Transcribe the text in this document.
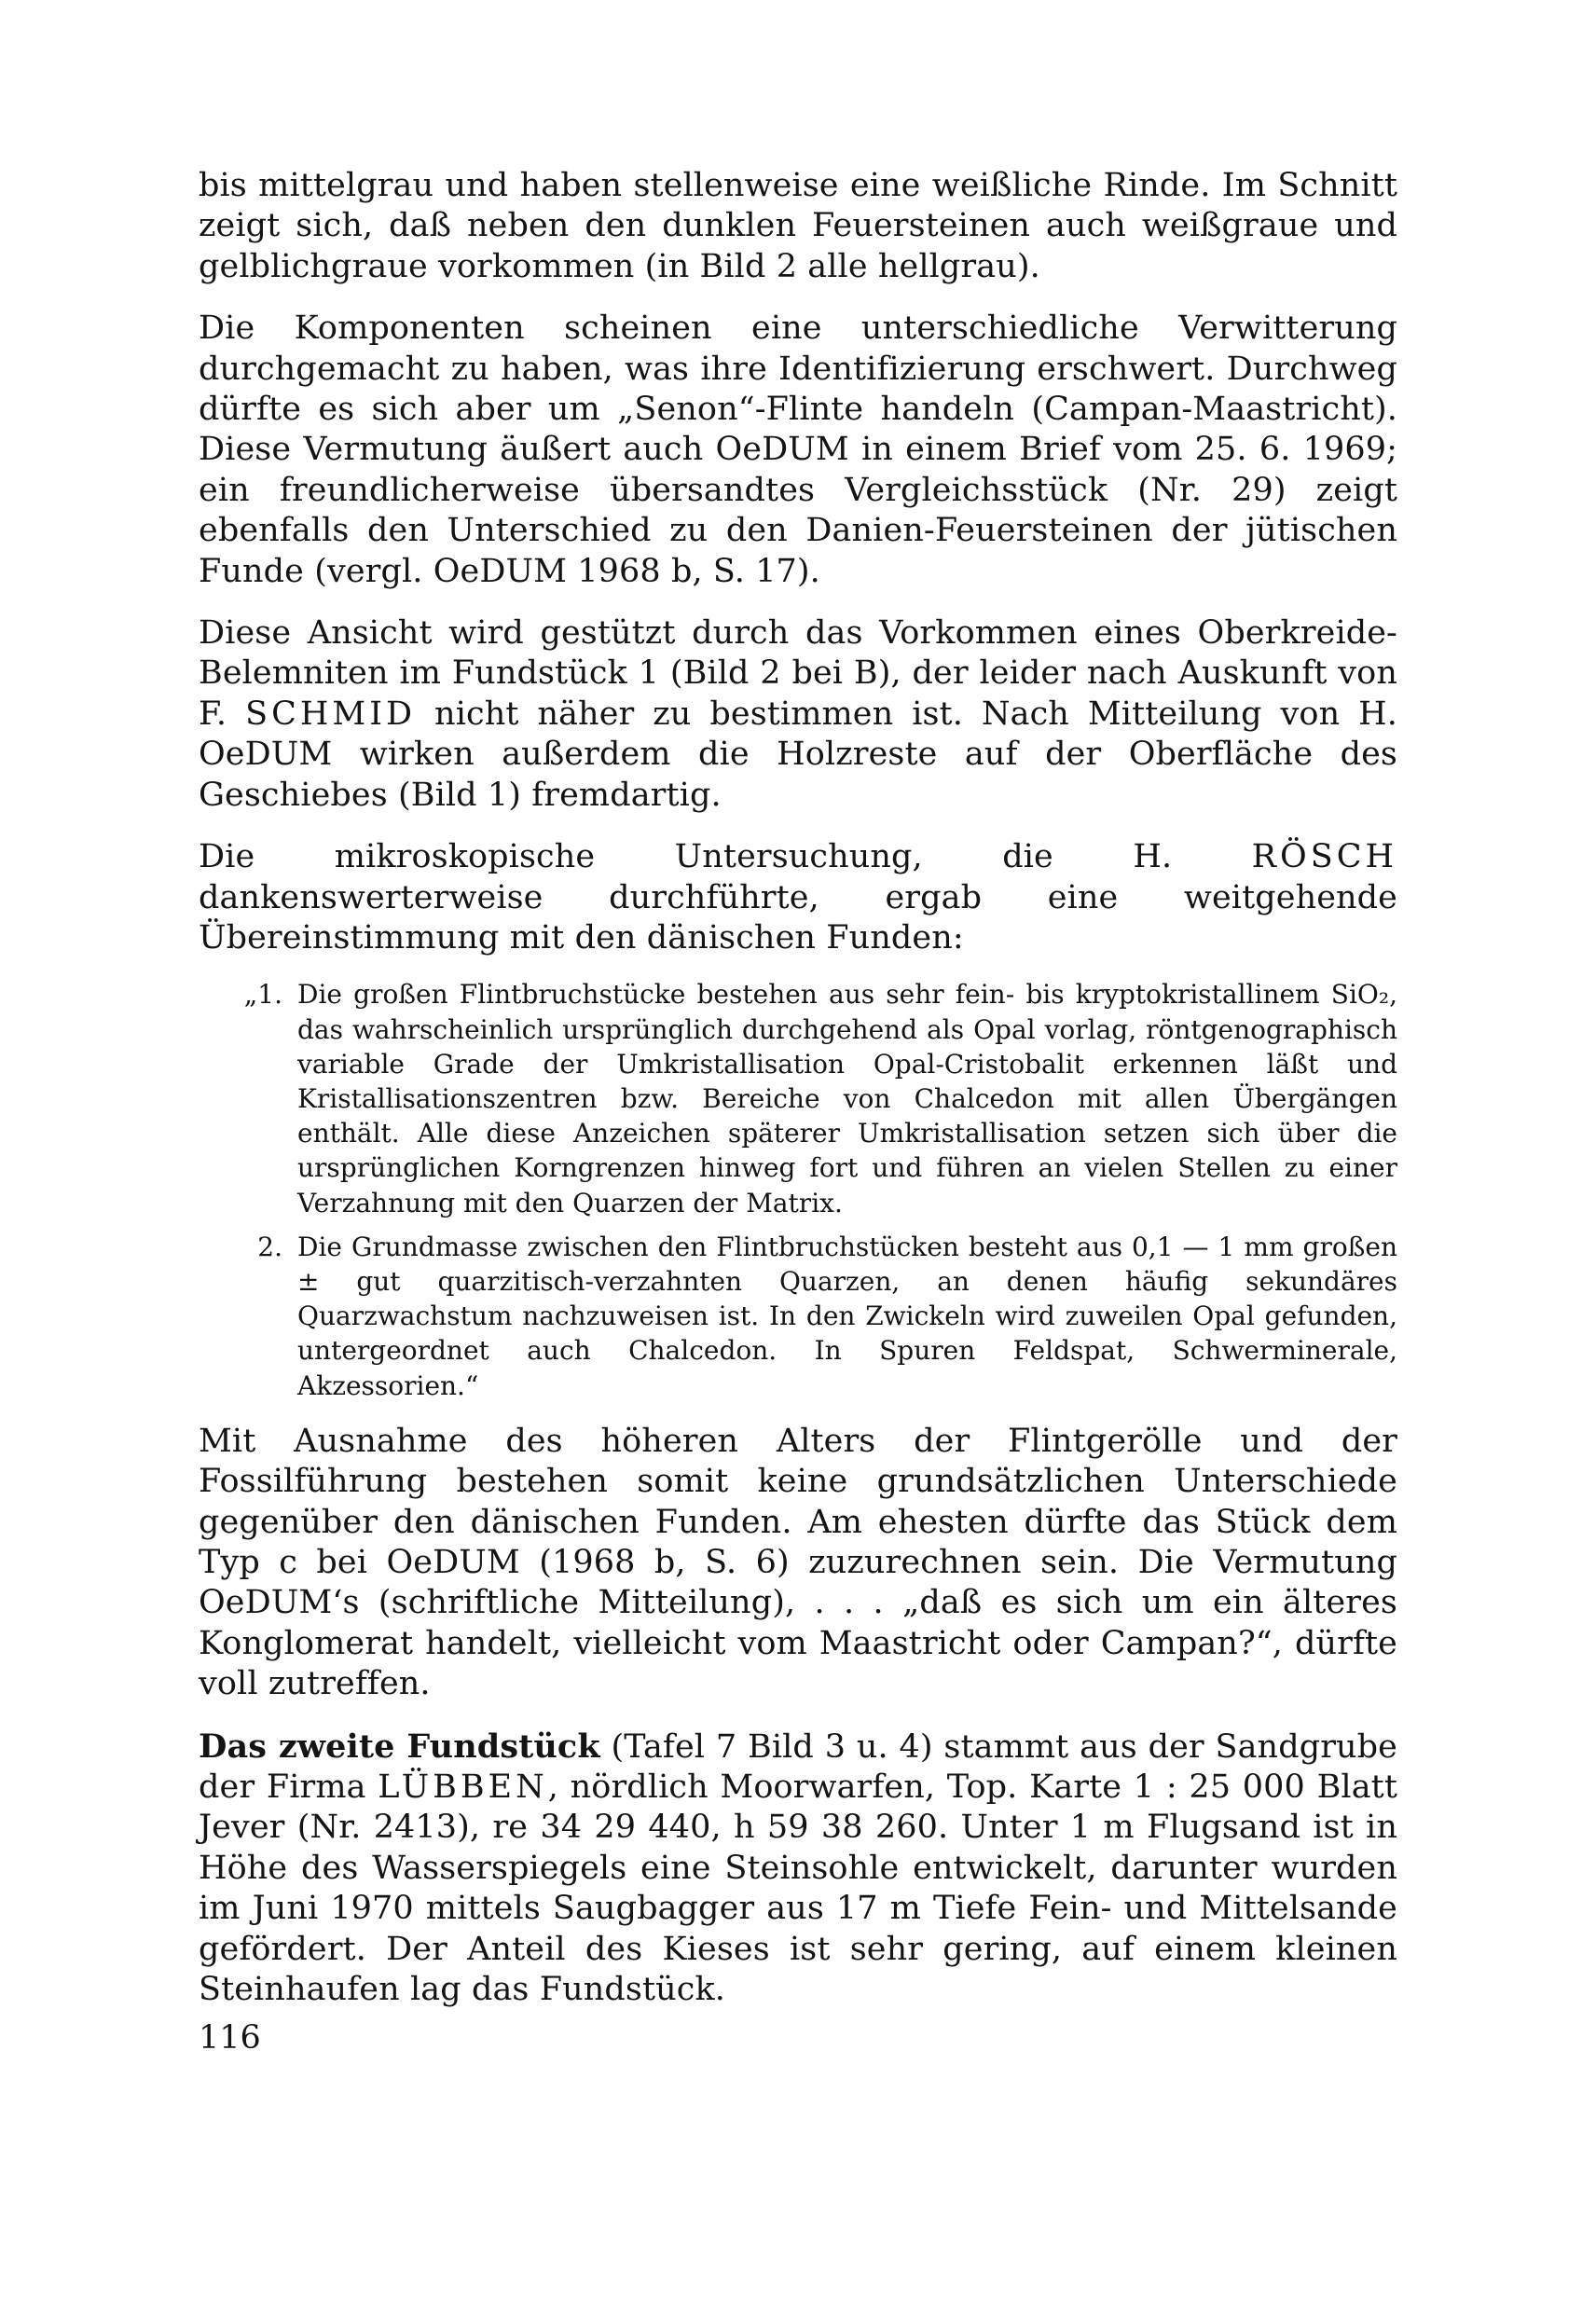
bis mittelgrau und haben stellenweise eine weißliche Rinde. Im Schnitt zeigt sich, daß neben den dunklen Feuersteinen auch weißgraue und gelblichgraue vorkommen (in Bild 2 alle hellgrau).

Die Komponenten scheinen eine unterschiedliche Verwitterung durchgemacht zu haben, was ihre Identifizierung erschwert. Durchweg dürfte es sich aber um „Senon“-Flinte handeln (Campan-Maastricht). Diese Vermutung äußert auch OeDUM in einem Brief vom 25. 6. 1969; ein freundlicherweise übersandtes Vergleichsstück (Nr. 29) zeigt ebenfalls den Unterschied zu den Danien-Feuersteinen der jütischen Funde (vergl. OeDUM 1968 b, S. 17).

Diese Ansicht wird gestützt durch das Vorkommen eines Oberkreide-Belemniten im Fundstück 1 (Bild 2 bei B), der leider nach Auskunft von F. SCHMID nicht näher zu bestimmen ist. Nach Mitteilung von H. OeDUM wirken außerdem die Holzreste auf der Oberfläche des Geschiebes (Bild 1) fremdartig.

Die mikroskopische Untersuchung, die H. RÖSCH dankenswerterweise durchführte, ergab eine weitgehende Übereinstimmung mit den dänischen Funden:

„1. Die großen Flintbruchstücke bestehen aus sehr fein- bis kryptokristallinem SiO₂, das wahrscheinlich ursprünglich durchgehend als Opal vorlag, röntgenographisch variable Grade der Umkristallisation Opal-Cristobalit erkennen läßt und Kristallisationszentren bzw. Bereiche von Chalcedon mit allen Übergängen enthält. Alle diese Anzeichen späterer Umkristallisation setzen sich über die ursprünglichen Korngrenzen hinweg fort und führen an vielen Stellen zu einer Verzahnung mit den Quarzen der Matrix.
2. Die Grundmasse zwischen den Flintbruchstücken besteht aus 0,1 — 1 mm großen ± gut quarzitisch-verzahnten Quarzen, an denen häufig sekundäres Quarzwachstum nachzuweisen ist. In den Zwickeln wird zuweilen Opal gefunden, untergeordnet auch Chalcedon. In Spuren Feldspat, Schwerminerale, Akzessorien.“

Mit Ausnahme des höheren Alters der Flintgerölle und der Fossilführung bestehen somit keine grundsätzlichen Unterschiede gegenüber den dänischen Funden. Am ehesten dürfte das Stück dem Typ c bei OeDUM (1968 b, S. 6) zuzurechnen sein. Die Vermutung OeDUM‘s (schriftliche Mitteilung), . . . „daß es sich um ein älteres Konglomerat handelt, vielleicht vom Maastricht oder Campan?“, dürfte voll zutreffen.

Das zweite Fundstück (Tafel 7 Bild 3 u. 4) stammt aus der Sandgrube der Firma LÜBBEN, nördlich Moorwarfen, Top. Karte 1 : 25 000 Blatt Jever (Nr. 2413), re 34 29 440, h 59 38 260. Unter 1 m Flugsand ist in Höhe des Wasserspiegels eine Steinsohle entwickelt, darunter wurden im Juni 1970 mittels Saugbagger aus 17 m Tiefe Fein- und Mittelsande gefördert. Der Anteil des Kieses ist sehr gering, auf einem kleinen Steinhaufen lag das Fundstück.

116
